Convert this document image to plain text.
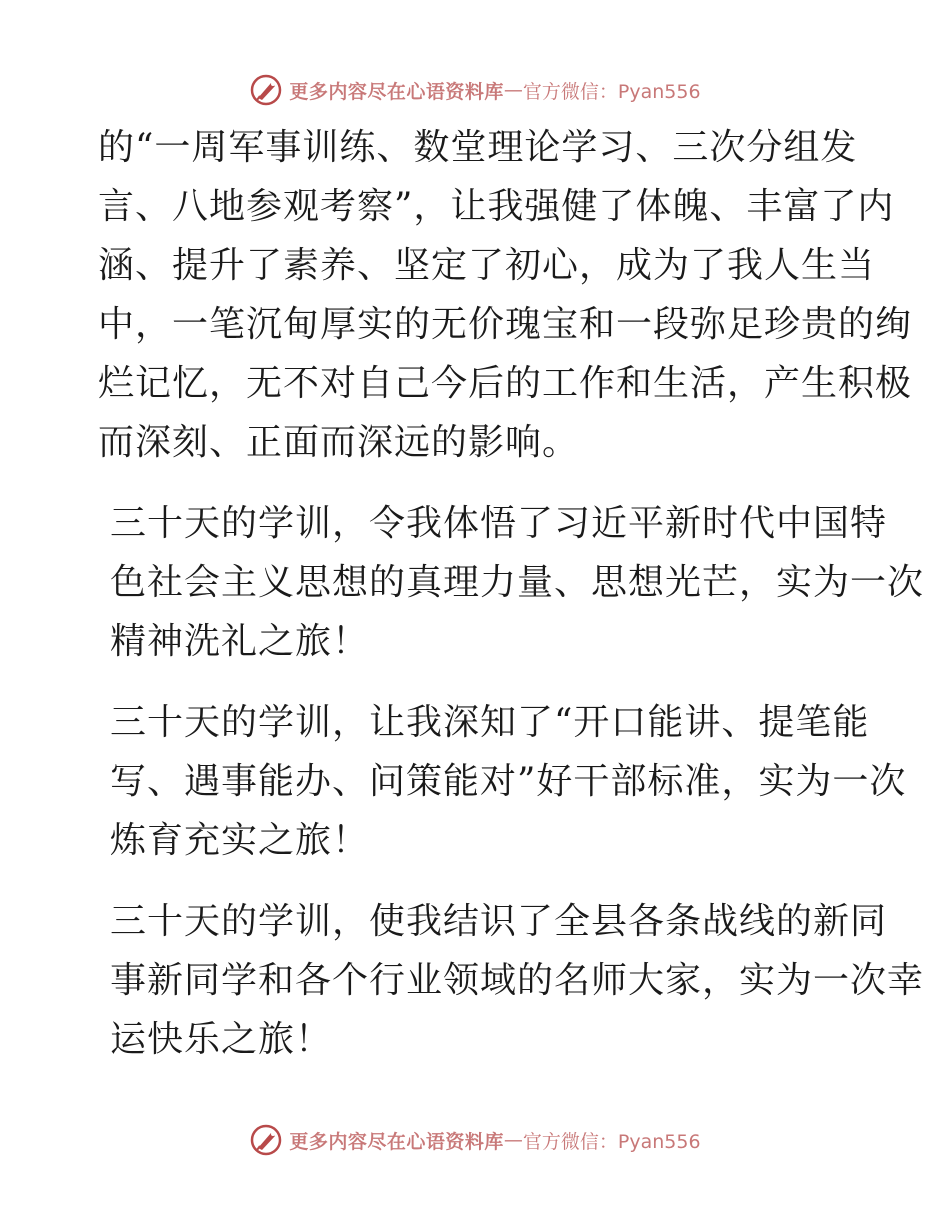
更多内容尽在心语资料库 — 官方微信：Pyan556

的“一周军事训练、数堂理论学习、三次分组发
言、八地参观考察”，让我强健了体魄、丰富了内
涵、提升了素养、坚定了初心，成为了我人生当
中，一笔沉甸厚实的无价瑰宝和一段弥足珍贵的绚
烂记忆，无不对自己今后的工作和生活，产生积极
而深刻、正面而深远的影响。

三十天的学训，令我体悟了习近平新时代中国特
色社会主义思想的真理力量、思想光芒，实为一次
精神洗礼之旅！

三十天的学训，让我深知了“开口能讲、提笔能
写、遇事能办、问策能对”好干部标准，实为一次
炼育充实之旅！

三十天的学训，使我结识了全县各条战线的新同
事新同学和各个行业领域的名师大家，实为一次幸
运快乐之旅！

更多内容尽在心语资料库 — 官方微信：Pyan556
